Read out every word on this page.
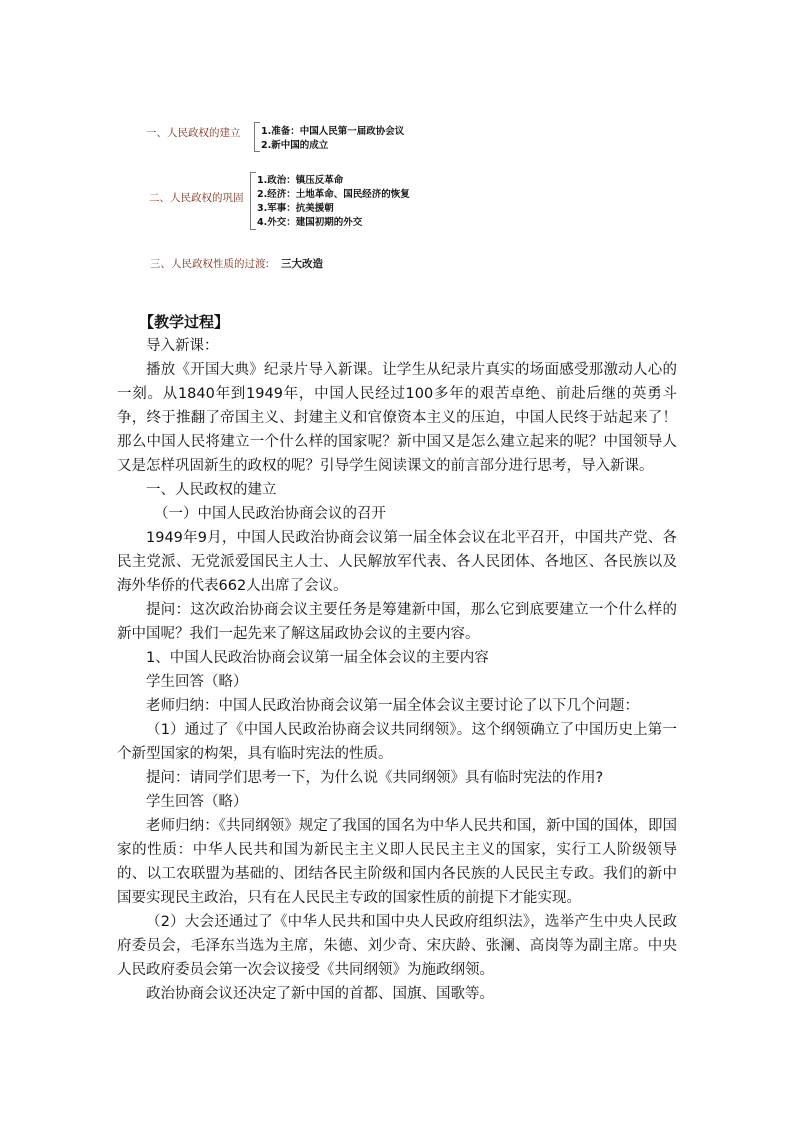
一、人民政权的建立 1.准备：中国人民第一届政协会议
2.新中国的成立
二、人民政权的巩固
1.政治：镇压反革命
2.经济：土地革命、国民经济的恢复
3.军事：抗美援朝
4.外交：建国初期的外交
三、人民政权性质的过渡: 三大改造

【教学过程】

导入新课：

播放《开国大典》纪录片导入新课。让学生从纪录片真实的场面感受那激动人心的一刻。从1840年到1949年，中国人民经过100多年的艰苦卓绝、前赴后继的英勇斗争，终于推翻了帝国主义、封建主义和官僚资本主义的压迫，中国人民终于站起来了！那么中国人民将建立一个什么样的国家呢？新中国又是怎么建立起来的呢？中国领导人又是怎样巩固新生的政权的呢？引导学生阅读课文的前言部分进行思考，导入新课。

一、人民政权的建立

（一）中国人民政治协商会议的召开

1949年9月，中国人民政治协商会议第一届全体会议在北平召开，中国共产党、各民主党派、无党派爱国民主人士、人民解放军代表、各人民团体、各地区、各民族以及海外华侨的代表662人出席了会议。

提问：这次政治协商会议主要任务是筹建新中国，那么它到底要建立一个什么样的新中国呢？我们一起先来了解这届政协会议的主要内容。

1、中国人民政治协商会议第一届全体会议的主要内容

学生回答（略）

老师归纳：中国人民政治协商会议第一届全体会议主要讨论了以下几个问题：

（1）通过了《中国人民政治协商会议共同纲领》。这个纲领确立了中国历史上第一个新型国家的构架，具有临时宪法的性质。

提问：请同学们思考一下，为什么说《共同纲领》具有临时宪法的作用?

学生回答（略）

老师归纳：《共同纲领》规定了我国的国名为中华人民共和国，新中国的国体，即国家的性质：中华人民共和国为新民主主义即人民民主主义的国家，实行工人阶级领导的、以工农联盟为基础的、团结各民主阶级和国内各民族的人民民主专政。我们的新中国要实现民主政治，只有在人民民主专政的国家性质的前提下才能实现。

（2）大会还通过了《中华人民共和国中央人民政府组织法》，选举产生中央人民政府委员会，毛泽东当选为主席，朱德、刘少奇、宋庆龄、张澜、高岗等为副主席。中央人民政府委员会第一次会议接受《共同纲领》为施政纲领。

政治协商会议还决定了新中国的首都、国旗、国歌等。
